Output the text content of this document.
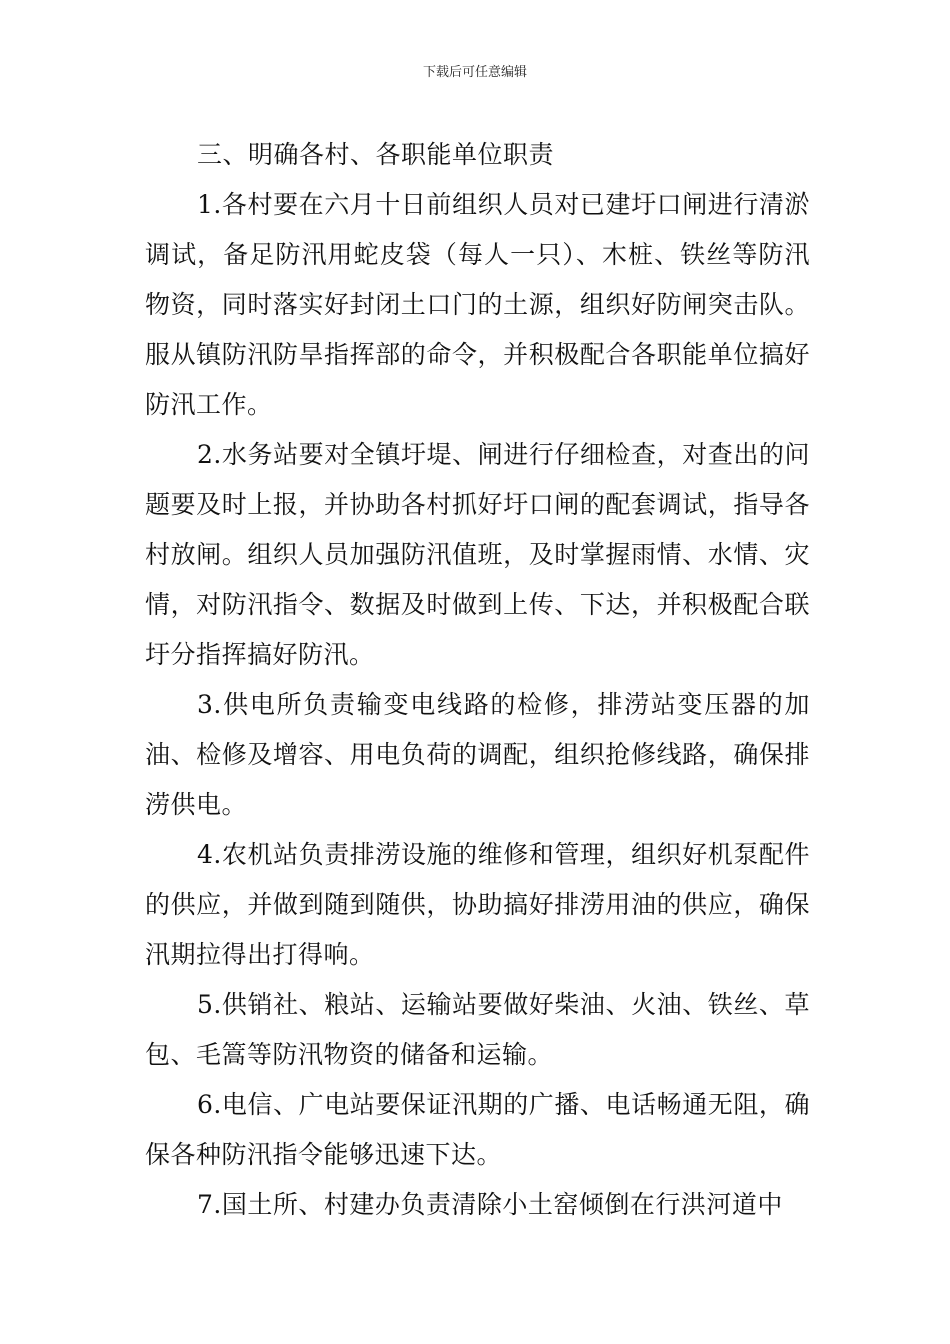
下载后可任意编辑

三、明确各村、各职能单位职责

1.各村要在六月十日前组织人员对已建圩口闸进行清淤调试，备足防汛用蛇皮袋（每人一只）、木桩、铁丝等防汛物资，同时落实好封闭土口门的土源，组织好防闸突击队。服从镇防汛防旱指挥部的命令，并积极配合各职能单位搞好防汛工作。

2.水务站要对全镇圩堤、闸进行仔细检查，对查出的问题要及时上报，并协助各村抓好圩口闸的配套调试，指导各村放闸。组织人员加强防汛值班，及时掌握雨情、水情、灾情，对防汛指令、数据及时做到上传、下达，并积极配合联圩分指挥搞好防汛。

3.供电所负责输变电线路的检修，排涝站变压器的加油、检修及增容、用电负荷的调配，组织抢修线路，确保排涝供电。

4.农机站负责排涝设施的维修和管理，组织好机泵配件的供应，并做到随到随供，协助搞好排涝用油的供应，确保汛期拉得出打得响。

5.供销社、粮站、运输站要做好柴油、火油、铁丝、草包、毛篙等防汛物资的储备和运输。

6.电信、广电站要保证汛期的广播、电话畅通无阻，确保各种防汛指令能够迅速下达。

7.国土所、村建办负责清除小土窑倾倒在行洪河道中
